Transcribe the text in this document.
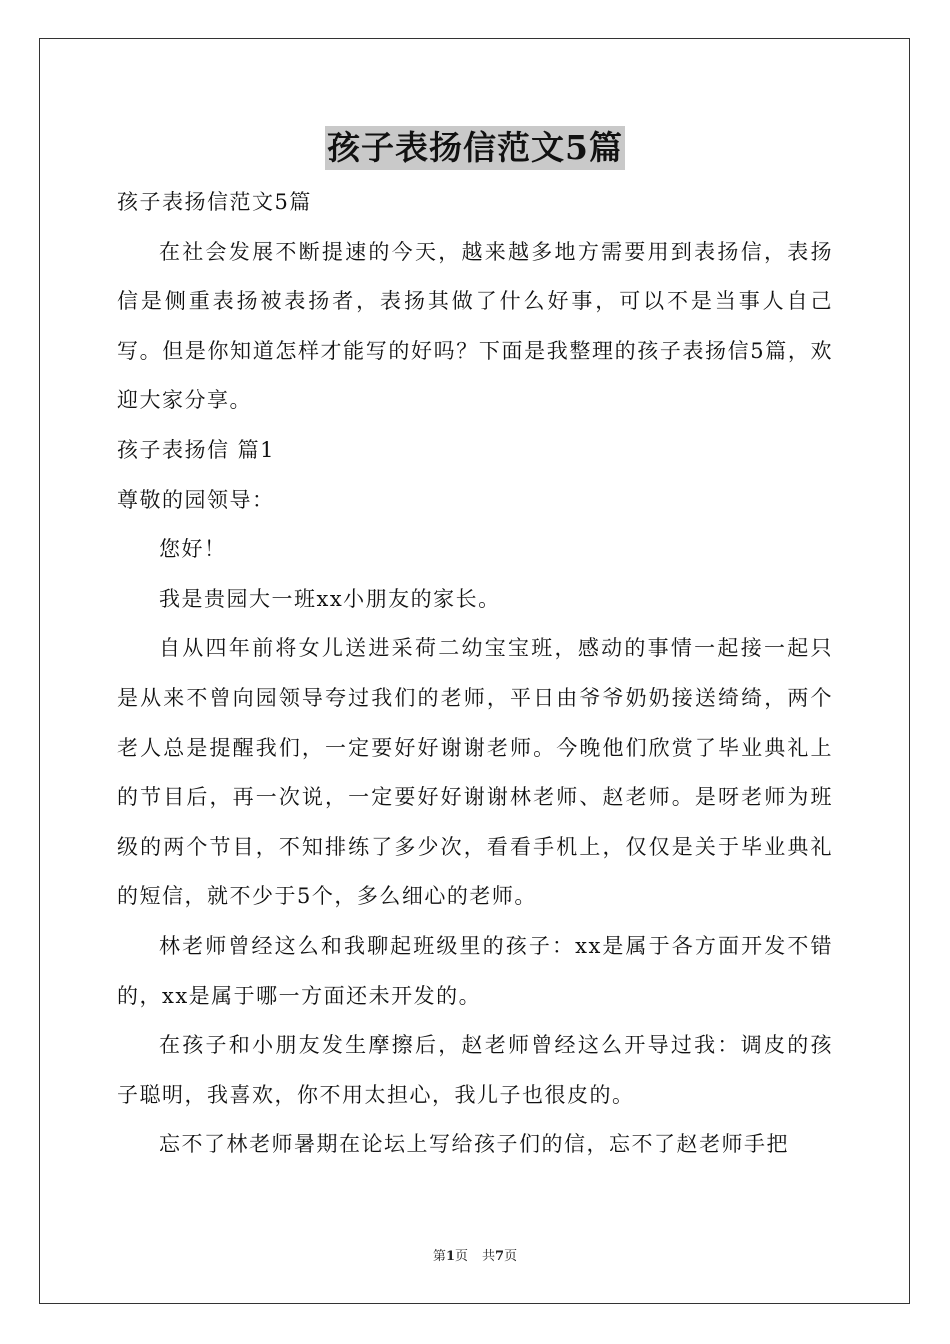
孩子表扬信范文5篇

孩子表扬信范文5篇

在社会发展不断提速的今天，越来越多地方需要用到表扬信，表扬信是侧重表扬被表扬者，表扬其做了什么好事，可以不是当事人自己写。但是你知道怎样才能写的好吗？下面是我整理的孩子表扬信5篇，欢迎大家分享。

孩子表扬信 篇1

尊敬的园领导：

您好！

我是贵园大一班xx小朋友的家长。

自从四年前将女儿送进采荷二幼宝宝班，感动的事情一起接一起只是从来不曾向园领导夸过我们的老师，平日由爷爷奶奶接送绮绮，两个老人总是提醒我们，一定要好好谢谢老师。今晚他们欣赏了毕业典礼上的节目后，再一次说，一定要好好谢谢林老师、赵老师。是呀老师为班级的两个节目，不知排练了多少次，看看手机上，仅仅是关于毕业典礼的短信，就不少于5个，多么细心的老师。

林老师曾经这么和我聊起班级里的孩子：xx是属于各方面开发不错的，xx是属于哪一方面还未开发的。

在孩子和小朋友发生摩擦后，赵老师曾经这么开导过我：调皮的孩子聪明，我喜欢，你不用太担心，我儿子也很皮的。

忘不了林老师暑期在论坛上写给孩子们的信，忘不了赵老师手把

第1页 共7页
